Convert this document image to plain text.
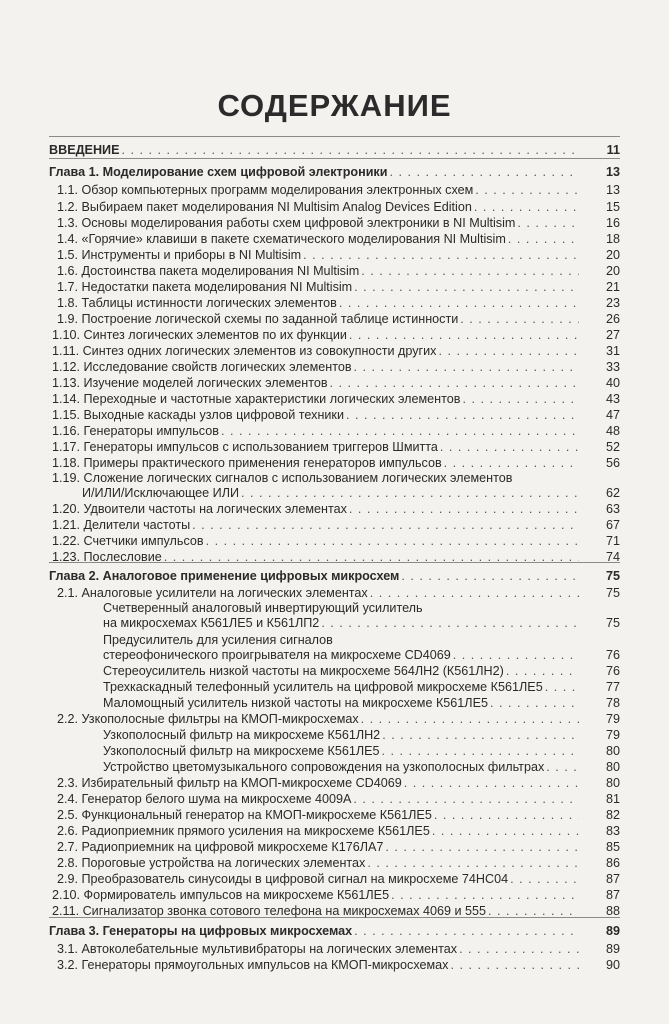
СОДЕРЖАНИЕ
ВВЕДЕНИЕ . . .	11
Глава 1. Моделирование схем цифровой электроники . . .	13
1.1. Обзор компьютерных программ моделирования электронных схем . . .	13
1.2. Выбираем пакет моделирования NI Multisim Analog Devices Edition . . .	15
1.3. Основы моделирования работы схем цифровой электроники в NI Multisim . . .	16
1.4. «Горячие» клавиши в пакете схематического моделирования NI Multisim . . .	18
1.5. Инструменты и приборы в NI Multisim . . .	20
1.6. Достоинства пакета моделирования NI Multisim . . .	20
1.7. Недостатки пакета моделирования NI Multisim . . .	21
1.8. Таблицы истинности логических элементов . . .	23
1.9. Построение логической схемы по заданной таблице истинности . . .	26
1.10. Синтез логических элементов по их функции . . .	27
1.11. Синтез одних логических элементов из совокупности других . . .	31
1.12. Исследование свойств логических элементов . . .	33
1.13. Изучение моделей логических элементов . . .	40
1.14. Переходные и частотные характеристики логических элементов . . .	43
1.15. Выходные каскады узлов цифровой техники . . .	47
1.16. Генераторы импульсов . . .	48
1.17. Генераторы импульсов с использованием триггеров Шмитта . . .	52
1.18. Примеры практического применения генераторов импульсов . . .	56
1.19. Сложение логических сигналов с использованием логических элементов
И/ИЛИ/Исключающее ИЛИ . . .	62
1.20. Удвоители частоты на логических элементах . . .	63
1.21. Делители частоты . . .	67
1.22. Счетчики импульсов . . .	71
1.23. Послесловие . . .	74
Глава 2. Аналоговое применение цифровых микросхем . . .	75
2.1. Аналоговые усилители на логических элементах . . .	75
Счетверенный аналоговый инвертирующий усилитель
на микросхемах К561ЛЕ5 и К561ЛП2 . . .	75
Предусилитель для усиления сигналов
стереофонического проигрывателя на микросхеме CD4069 . . .	76
Стереоусилитель низкой частоты на микросхеме 564ЛН2 (К561ЛН2) . . .	76
Трехкаскадный телефонный усилитель на цифровой микросхеме К561ЛЕ5 . . .	77
Маломощный усилитель низкой частоты на микросхеме К561ЛЕ5 . . .	78
2.2. Узкополосные фильтры на КМОП-микросхемах . . .	79
Узкополосный фильтр на микросхеме К561ЛН2 . . .	79
Узкополосный фильтр на микросхеме К561ЛЕ5 . . .	80
Устройство цветомузыкального сопровождения на узкополосных фильтрах . . .	80
2.3. Избирательный фильтр на КМОП-микросхеме CD4069 . . .	80
2.4. Генератор белого шума на микросхеме 4009А . . .	81
2.5. Функциональный генератор на КМОП-микросхеме К561ЛЕ5 . . .	82
2.6. Радиоприемник прямого усиления на микросхеме К561ЛЕ5 . . .	83
2.7. Радиоприемник на цифровой микросхеме К176ЛА7 . . .	85
2.8. Пороговые устройства на логических элементах . . .	86
2.9. Преобразователь синусоиды в цифровой сигнал на микросхеме 74НС04 . . .	87
2.10. Формирователь импульсов на микросхеме К561ЛЕ5 . . .	87
2.11. Сигнализатор звонка сотового телефона на микросхемах 4069 и 555 . . .	88
Глава 3. Генераторы на цифровых микросхемах . . .	89
3.1. Автоколебательные мультивибраторы на логических элементах . . .	89
3.2. Генераторы прямоугольных импульсов на КМОП-микросхемах . . .	90
